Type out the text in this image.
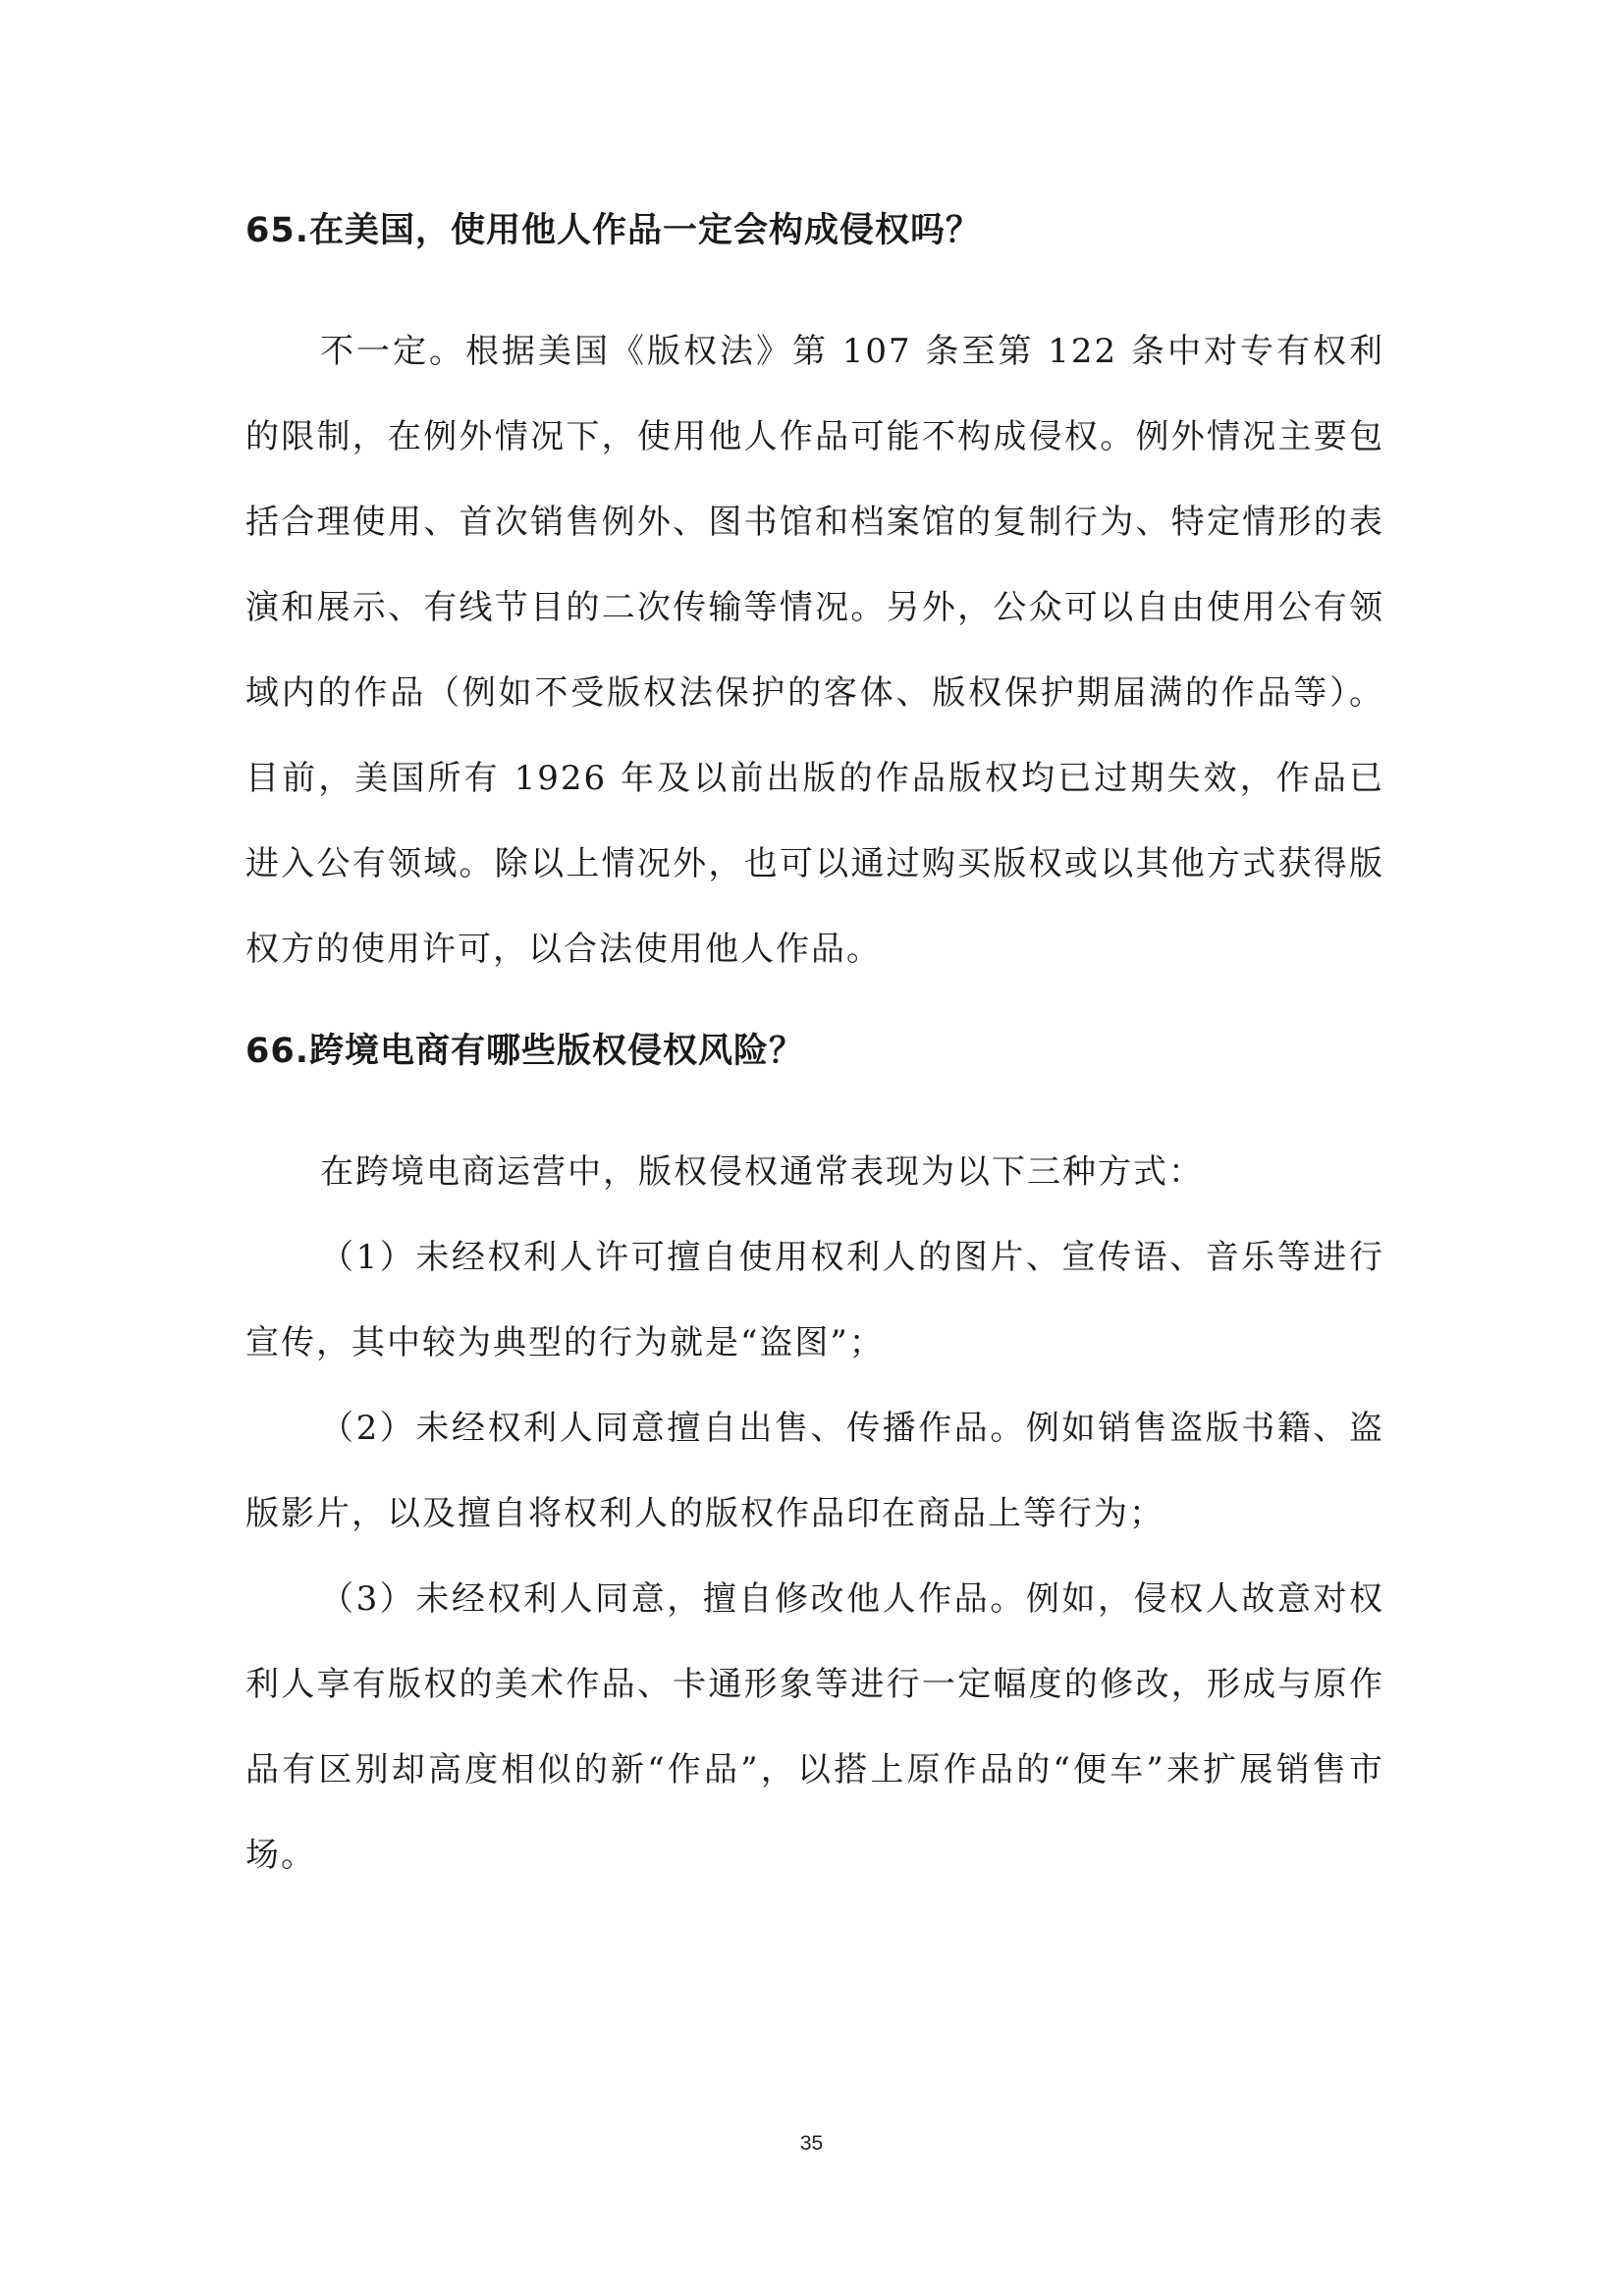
65.在美国，使用他人作品一定会构成侵权吗？

不一定。根据美国《版权法》第 107 条至第 122 条中对专有权利的限制，在例外情况下，使用他人作品可能不构成侵权。例外情况主要包括合理使用、首次销售例外、图书馆和档案馆的复制行为、特定情形的表演和展示、有线节目的二次传输等情况。另外，公众可以自由使用公有领域内的作品（例如不受版权法保护的客体、版权保护期届满的作品等）。目前，美国所有 1926 年及以前出版的作品版权均已过期失效，作品已进入公有领域。除以上情况外，也可以通过购买版权或以其他方式获得版权方的使用许可，以合法使用他人作品。

66.跨境电商有哪些版权侵权风险？

在跨境电商运营中，版权侵权通常表现为以下三种方式：

（1）未经权利人许可擅自使用权利人的图片、宣传语、音乐等进行宣传，其中较为典型的行为就是“盗图”；

（2）未经权利人同意擅自出售、传播作品。例如销售盗版书籍、盗版影片，以及擅自将权利人的版权作品印在商品上等行为；

（3）未经权利人同意，擅自修改他人作品。例如，侵权人故意对权利人享有版权的美术作品、卡通形象等进行一定幅度的修改，形成与原作品有区别却高度相似的新“作品”，以搭上原作品的“便车”来扩展销售市场。

35
